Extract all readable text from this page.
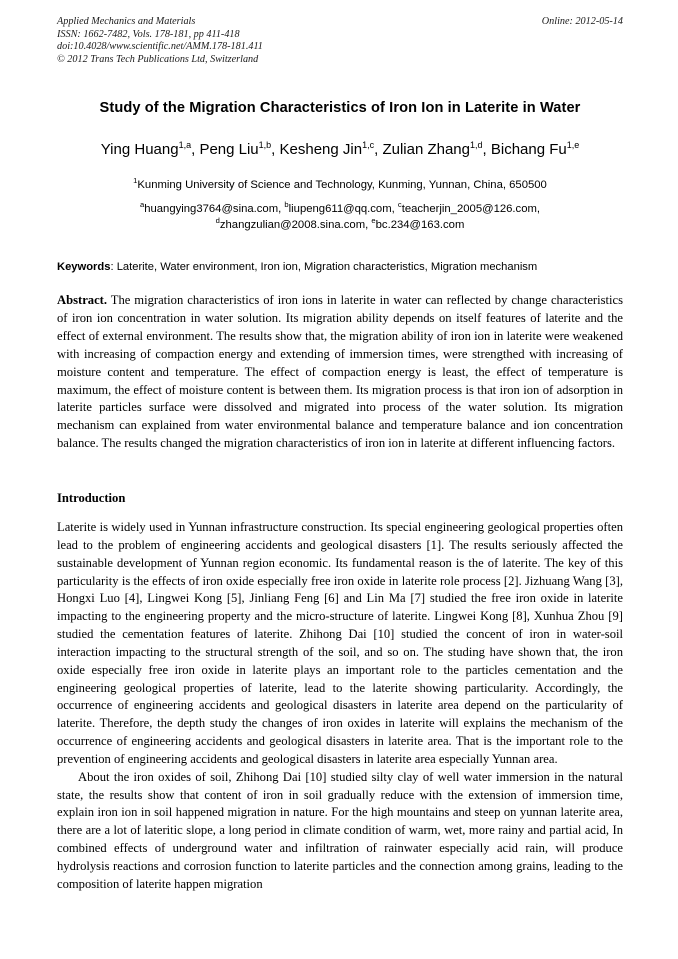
Online: 2012-05-14
Applied Mechanics and Materials
ISSN: 1662-7482, Vols. 178-181, pp 411-418
doi:10.4028/www.scientific.net/AMM.178-181.411
© 2012 Trans Tech Publications Ltd, Switzerland
Study of the Migration Characteristics of Iron Ion in Laterite in Water
Ying Huang$^{1,a}$, Peng Liu$^{1,b}$, Kesheng Jin$^{1,c}$, Zulian Zhang$^{1,d}$, Bichang Fu$^{1,e}$
$^1$Kunming University of Science and Technology, Kunming, Yunnan, China, 650500
$^a$huangying3764@sina.com, $^b$liupeng611@qq.com, $^c$teacherjin_2005@126.com,
$^d$zhangzulian@2008.sina.com, $^e$bc.234@163.com
Keywords: Laterite, Water environment, Iron ion, Migration characteristics, Migration mechanism

Abstract. The migration characteristics of iron ions in laterite in water can reflected by change characteristics of iron ion concentration in water solution. Its migration ability depends on itself features of laterite and the effect of external environment. The results show that, the migration ability of iron ion in laterite were weakened with increasing of compaction energy and extending of immersion times, were strengthed with increasing of moisture content and temperature. The effect of compaction energy is least, the effect of temperature is maximum, the effect of moisture content is between them. Its migration process is that iron ion of adsorption in laterite particles surface were dissolved and migrated into process of the water solution. Its migration mechanism can explained from water environmental balance and temperature balance and ion concentration balance. The results changed the migration characteristics of iron ion in laterite at different influencing factors.

Introduction

Laterite is widely used in Yunnan infrastructure construction. Its special engineering geological properties often lead to the problem of engineering accidents and geological disasters [1]. The results seriously affected the sustainable development of Yunnan region economic. Its fundamental reason is the of laterite. The key of this particularity is the effects of iron oxide especially free iron oxide in laterite role process [2]. Jizhuang Wang [3], Hongxi Luo [4], Lingwei Kong [5], Jinliang Feng [6] and Lin Ma [7] studied the free iron oxide in laterite impacting to the engineering property and the micro-structure of laterite. Lingwei Kong [8], Xunhua Zhou [9] studied the cementation features of laterite. Zhihong Dai [10] studied the concent of iron in water-soil interaction impacting to the structural strength of the soil, and so on. The studing have shown that, the iron oxide especially free iron oxide in laterite plays an important role to the particles cementation and the engineering geological properties of laterite, lead to the laterite showing particularity. Accordingly, the occurrence of engineering accidents and geological disasters in laterite area depend on the particularity of laterite. Therefore, the depth study the changes of iron oxides in laterite will explains the mechanism of the occurrence of engineering accidents and geological disasters in laterite area. That is the important role to the prevention of engineering accidents and geological disasters in laterite area especially Yunnan area.

About the iron oxides of soil, Zhihong Dai [10] studied silty clay of well water immersion in the natural state, the results show that content of iron in soil gradually reduce with the extension of immersion time, explain iron ion in soil happened migration in nature. For the high mountains and steep on yunnan laterite area, there are a lot of lateritic slope, a long period in climate condition of warm, wet, more rainy and partial acid, In combined effects of underground water and infiltration of rainwater especially acid rain, will produce hydrolysis reactions and corrosion function to laterite particles and the connection among grains, leading to the composition of laterite happen migration
